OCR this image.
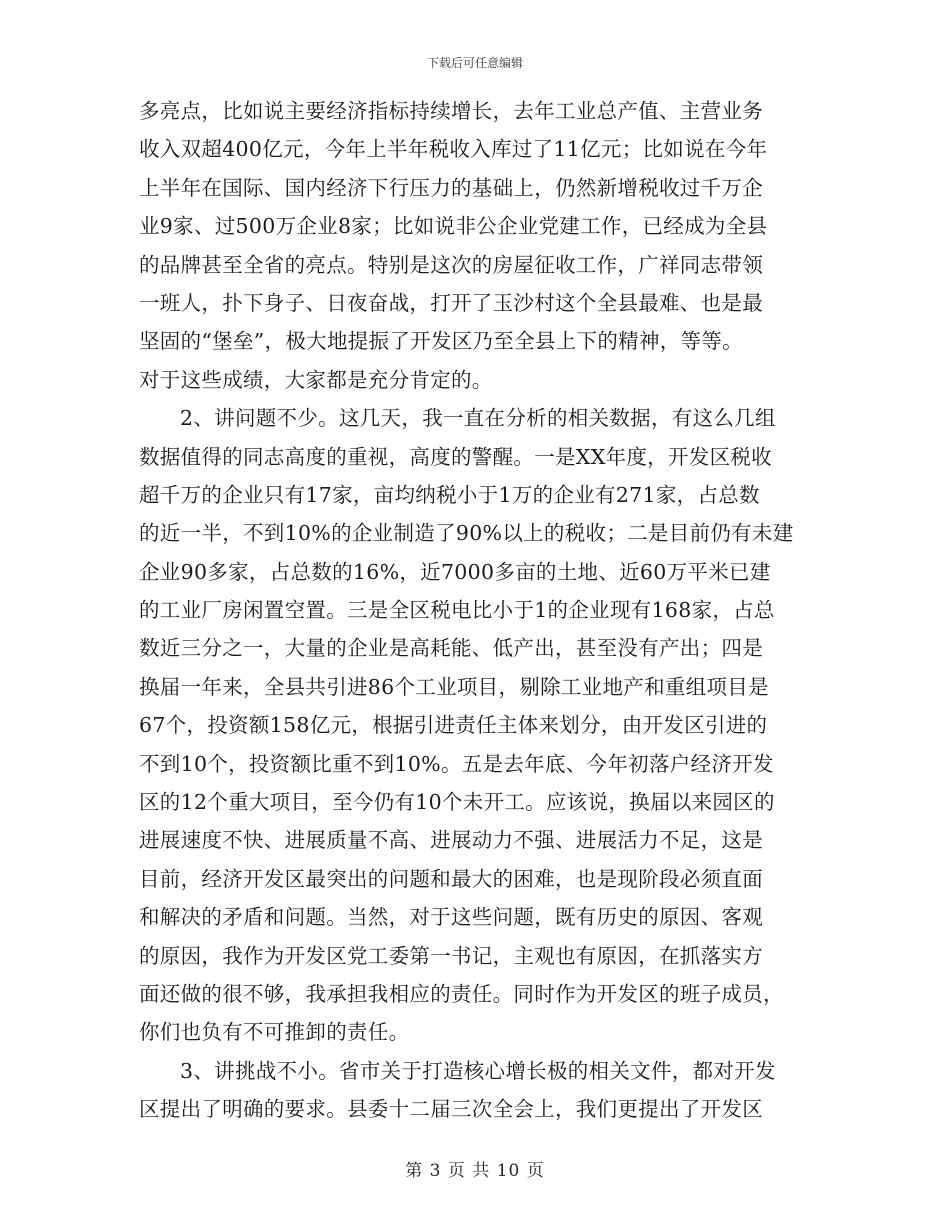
下载后可任意编辑
多亮点，比如说主要经济指标持续增长，去年工业总产值、主营业务
收入双超400亿元，今年上半年税收入库过了11亿元；比如说在今年
上半年在国际、国内经济下行压力的基础上，仍然新增税收过千万企
业9家、过500万企业8家；比如说非公企业党建工作，已经成为全县
的品牌甚至全省的亮点。特别是这次的房屋征收工作，广祥同志带领
一班人，扑下身子、日夜奋战，打开了玉沙村这个全县最难、也是最
坚固的“堡垒”，极大地提振了开发区乃至全县上下的精神，等等。
对于这些成绩，大家都是充分肯定的。
2、讲问题不少。这几天，我一直在分析的相关数据，有这么几组
数据值得的同志高度的重视，高度的警醒。一是XX年度，开发区税收
超千万的企业只有17家，亩均纳税小于1万的企业有271家，占总数
的近一半，不到10%的企业制造了90%以上的税收；二是目前仍有未建
企业90多家，占总数的16%，近7000多亩的土地、近60万平米已建
的工业厂房闲置空置。三是全区税电比小于1的企业现有168家，占总
数近三分之一，大量的企业是高耗能、低产出，甚至没有产出；四是
换届一年来，全县共引进86个工业项目，剔除工业地产和重组项目是
67个，投资额158亿元，根据引进责任主体来划分，由开发区引进的
不到10个，投资额比重不到10%。五是去年底、今年初落户经济开发
区的12个重大项目，至今仍有10个未开工。应该说，换届以来园区的
进展速度不快、进展质量不高、进展动力不强、进展活力不足，这是
目前，经济开发区最突出的问题和最大的困难，也是现阶段必须直面
和解决的矛盾和问题。当然，对于这些问题，既有历史的原因、客观
的原因，我作为开发区党工委第一书记，主观也有原因，在抓落实方
面还做的很不够，我承担我相应的责任。同时作为开发区的班子成员，
你们也负有不可推卸的责任。
3、讲挑战不小。省市关于打造核心增长极的相关文件，都对开发
区提出了明确的要求。县委十二届三次全会上，我们更提出了开发区
第 3 页 共 10 页
